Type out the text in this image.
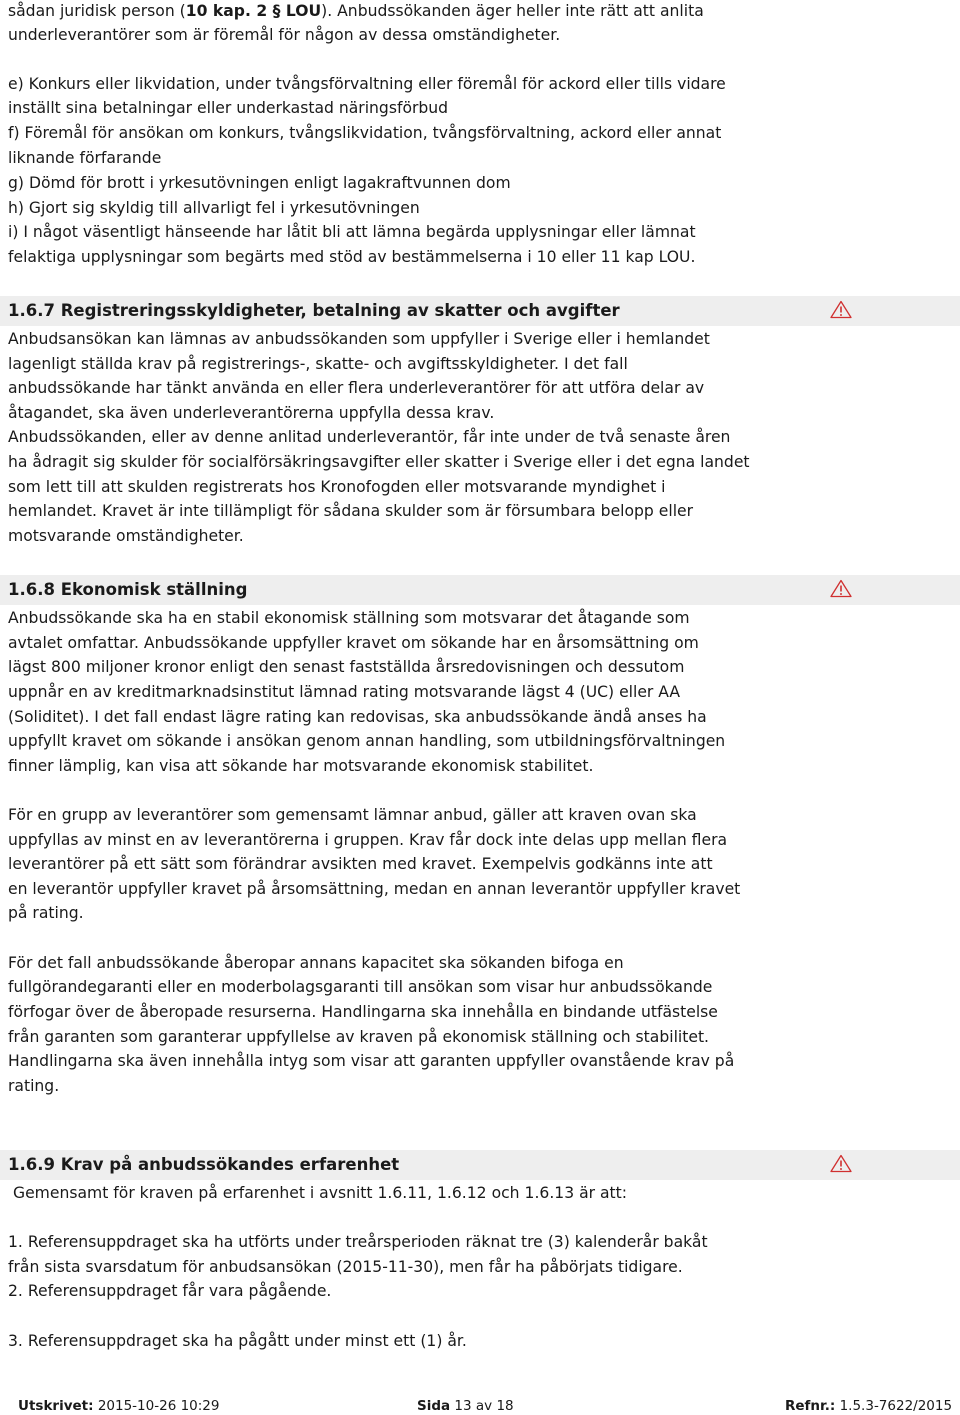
sådan juridisk person (10 kap. 2 § LOU). Anbudssökanden äger heller inte rätt att anlita
underleverantörer som är föremål för någon av dessa omständigheter.
e) Konkurs eller likvidation, under tvångsförvaltning eller föremål för ackord eller tills vidare
inställt sina betalningar eller underkastad näringsförbud
f) Föremål för ansökan om konkurs, tvångslikvidation, tvångsförvaltning, ackord eller annat
liknande förfarande
g) Dömd för brott i yrkesutövningen enligt lagakraftvunnen dom
h) Gjort sig skyldig till allvarligt fel i yrkesutövningen
i) I något väsentligt hänseende har låtit bli att lämna begärda upplysningar eller lämnat
felaktiga upplysningar som begärts med stöd av bestämmelserna i 10 eller 11 kap LOU.
1.6.7 Registreringsskyldigheter, betalning av skatter och avgifter
Anbudsansökan kan lämnas av anbudssökanden som uppfyller i Sverige eller i hemlandet
lagenligt ställda krav på registrerings-, skatte- och avgiftsskyldigheter. I det fall
anbudssökande har tänkt använda en eller flera underleverantörer för att utföra delar av
åtagandet, ska även underleverantörerna uppfylla dessa krav.
Anbudssökanden, eller av denne anlitad underleverantör, får inte under de två senaste åren
ha ådragit sig skulder för socialförsäkringsavgifter eller skatter i Sverige eller i det egna landet
som lett till att skulden registrerats hos Kronofogden eller motsvarande myndighet i
hemlandet. Kravet är inte tillämpligt för sådana skulder som är försumbara belopp eller
motsvarande omständigheter.
1.6.8 Ekonomisk ställning
Anbudssökande ska ha en stabil ekonomisk ställning som motsvarar det åtagande som
avtalet omfattar. Anbudssökande uppfyller kravet om sökande har en årsomsättning om
lägst 800 miljoner kronor enligt den senast fastställda årsredovisningen och dessutom
uppnår en av kreditmarknadsinstitut lämnad rating motsvarande lägst 4 (UC) eller AA
(Soliditet). I det fall endast lägre rating kan redovisas, ska anbudssökande ändå anses ha
uppfyllt kravet om sökande i ansökan genom annan handling, som utbildningsförvaltningen
finner lämplig, kan visa att sökande har motsvarande ekonomisk stabilitet.
För en grupp av leverantörer som gemensamt lämnar anbud, gäller att kraven ovan ska
uppfyllas av minst en av leverantörerna i gruppen. Krav får dock inte delas upp mellan flera
leverantörer på ett sätt som förändrar avsikten med kravet. Exempelvis godkänns inte att
en leverantör uppfyller kravet på årsomsättning, medan en annan leverantör uppfyller kravet
på rating.
För det fall anbudssökande åberopar annans kapacitet ska sökanden bifoga en
fullgörandegaranti eller en moderbolagsgaranti till ansökan som visar hur anbudssökande
förfogar över de åberopade resurserna. Handlingarna ska innehålla en bindande utfästelse
från garanten som garanterar uppfyllelse av kraven på ekonomisk ställning och stabilitet.
Handlingarna ska även innehålla intyg som visar att garanten uppfyller ovanstående krav på
rating.
1.6.9 Krav på anbudssökandes erfarenhet
Gemensamt för kraven på erfarenhet i avsnitt 1.6.11, 1.6.12 och 1.6.13 är att:
1. Referensuppdraget ska ha utförts under treårsperioden räknat tre (3) kalenderår bakåt
från sista svarsdatum för anbudsansökan (2015-11-30), men får ha påbörjats tidigare.
2. Referensuppdraget får vara pågående.
3. Referensuppdraget ska ha pågått under minst ett (1) år.
Utskrivet: 2015-10-26 10:29	Sida 13 av 18	Refnr.: 1.5.3-7622/2015
